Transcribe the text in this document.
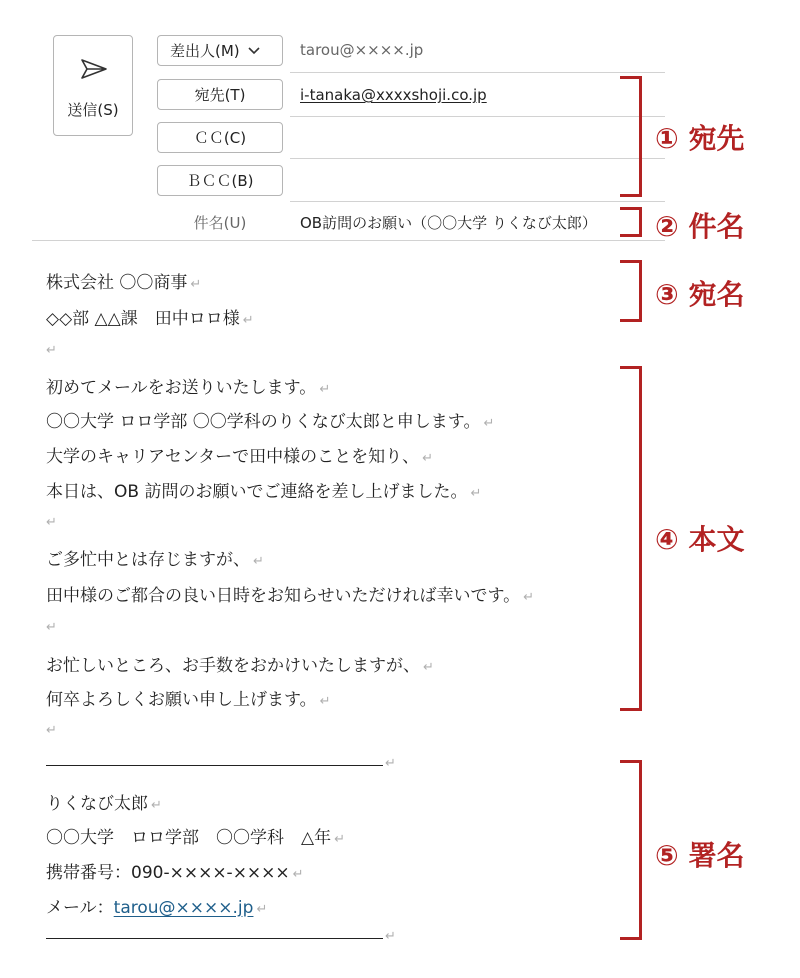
送信(S)
差出人(M)	tarou@××××.jp
宛先(T)	i-tanaka@xxxxshoji.co.jp
ＣＣ(C)
ＢＣＣ(B)
件名(U)	OB訪問のお願い（〇〇大学 りくなび太郎）
株式会社 〇〇商事 ↵
◇◇部 △△課　田中ロロ様 ↵
↵
初めてメールをお送りいたします。 ↵
〇〇大学 ロロ学部 〇〇学科のりくなび太郎と申します。 ↵
大学のキャリアセンターで田中様のことを知り、 ↵
本日は、OB 訪問のお願いでご連絡を差し上げました。 ↵
↵
ご多忙中とは存じますが、 ↵
田中様のご都合の良い日時をお知らせいただければ幸いです。 ↵
↵
お忙しいところ、お手数をおかけいたしますが、 ↵
何卒よろしくお願い申し上げます。 ↵
↵
↵
りくなび太郎 ↵
〇〇大学　ロロ学部　〇〇学科　△年 ↵
携帯番号：090-××××-×××× ↵
メール：tarou@××××.jp ↵
↵
① 宛先
② 件名
③ 宛名
④ 本文
⑤ 署名
